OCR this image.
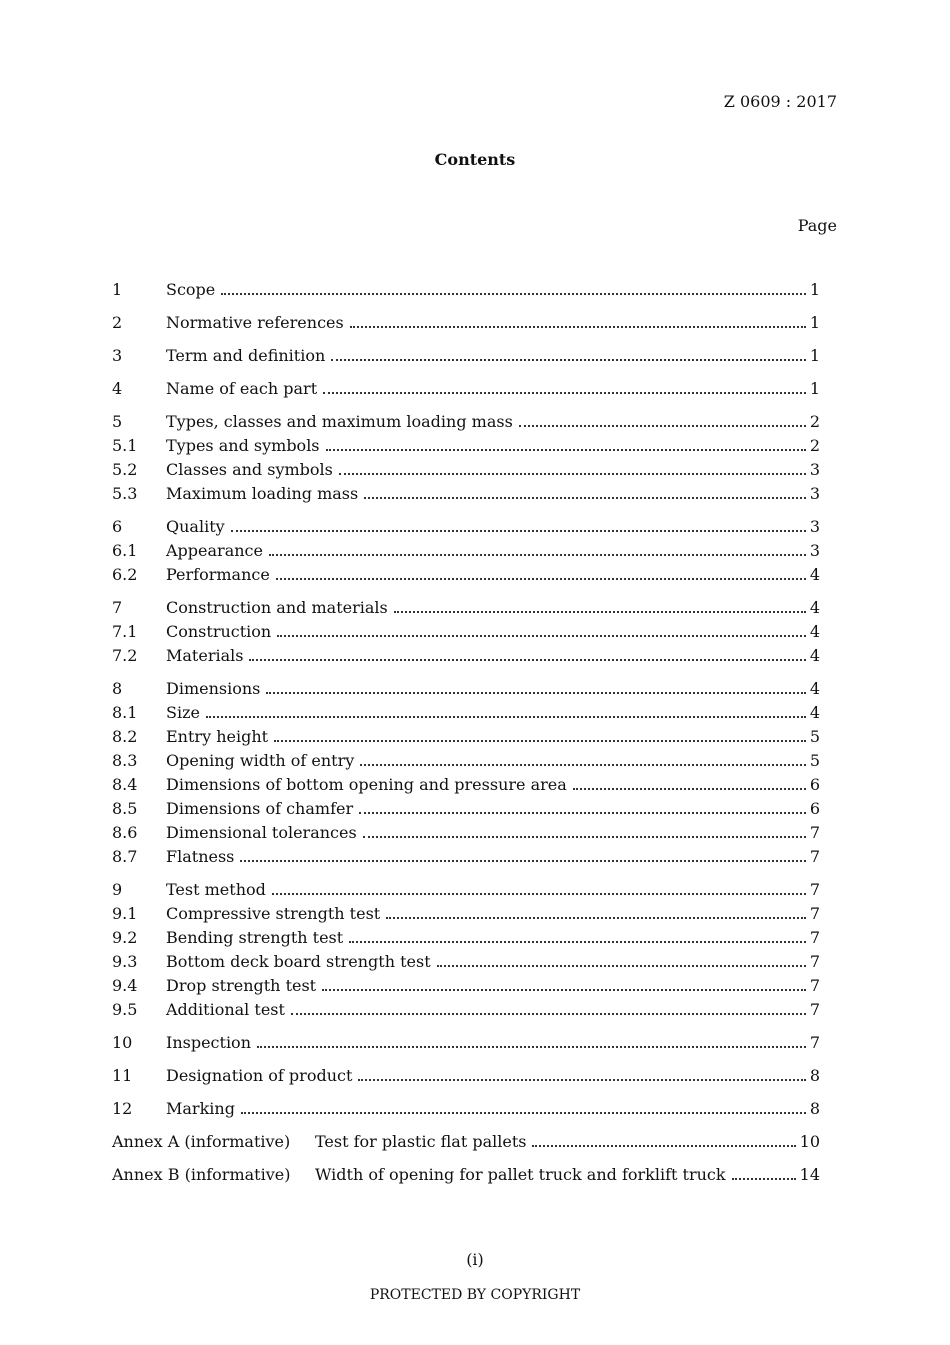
Z 0609 : 2017
Contents
Page
1	Scope	1
2	Normative references	1
3	Term and definition	1
4	Name of each part	1
5	Types, classes and maximum loading mass	2
5.1	Types and symbols	2
5.2	Classes and symbols	3
5.3	Maximum loading mass	3
6	Quality	3
6.1	Appearance	3
6.2	Performance	4
7	Construction and materials	4
7.1	Construction	4
7.2	Materials	4
8	Dimensions	4
8.1	Size	4
8.2	Entry height	5
8.3	Opening width of entry	5
8.4	Dimensions of bottom opening and pressure area	6
8.5	Dimensions of chamfer	6
8.6	Dimensional tolerances	7
8.7	Flatness	7
9	Test method	7
9.1	Compressive strength test	7
9.2	Bending strength test	7
9.3	Bottom deck board strength test	7
9.4	Drop strength test	7
9.5	Additional test	7
10	Inspection	7
11	Designation of product	8
12	Marking	8
Annex A (informative)	Test for plastic flat pallets	10
Annex B (informative)	Width of opening for pallet truck and forklift truck	14
(i)
PROTECTED BY COPYRIGHT
